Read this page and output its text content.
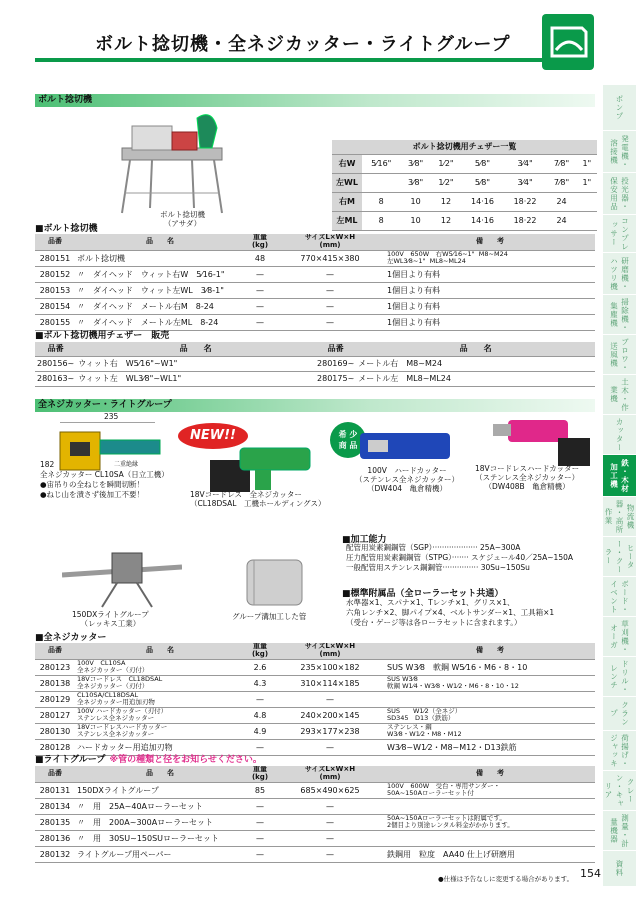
ボルト捻切機・全ネジカッター・ライトグループ
ボルト捻切機
ボルト捻切機
（アサダ）
ボルト捻切機用チェザー一覧							
右W	5⁄16"	3⁄8"	1⁄2"	5⁄8"	3⁄4"	7⁄8"	1"
左WL		3⁄8"	1⁄2"	5⁄8"	3⁄4"	7⁄8"	1"
右M	8	10	12	14·16	18·22	24	
左ML	8	10	12	14·16	18·22	24	
■ボルト捻切機
品番	品　　名	重量
(kg)	サイズL×W×H
(mm)	備　　考
280151	ボルト捻切機	48	770×415×380	100V　650W　右W5⁄16~1"  M8~M24
左WL3⁄8~1"  ML8~ML24
280152	〃　ダイヘッド　ウィット右W　5⁄16-1"	—	—	1個目より有料
280153	〃　ダイヘッド　ウィット左WL　3⁄8-1"	—	—	1個目より有料
280154	〃　ダイヘッド　メートル右M　8-24	—	—	1個目より有料
280155	〃　ダイヘッド　メートル左ML　8-24	—	—	1個目より有料
■ボルト捻切機用チェザー　販売
品番	品　　名	品番	品　　名
280156~	ウィット右　W5⁄16"~W1"	280169~	メートル右　M8~M24
280163~	ウィット左　WL3⁄8"~WL1"	280175~	メートル左　ML8~ML24
全ネジカッター・ライトグループ
235
182	二重絶縁
全ネジカッター CL10SA（日立工機）
●宙吊りの全ねじを瞬間切断！
●ねじ山を潰さず後加工不要！
NEW!!
18Vコードレス　全ネジカッター
（CL18DSAL　工機ホールディングス）
希 少
商 品
100V　ハードカッター
（ステンレス全ネジカッター）
（DW404　亀倉精機）
18Vコードレスハードカッター
（ステンレス全ネジカッター）
（DW408B　亀倉精機）
150DXライトグループ
（レッキス工業）
グループ溝加工した管
■加工能力
配管用炭素鋼鋼管（SGP）··················· 25A~300A
圧力配管用炭素鋼鋼管（STPG）······· スケジュール40／25A~150A
一般配管用ステンレス鋼鋼管··············· 30Su~150Su
■標準附属品（全ローラーセット共通）
水準器×1、スパナ×1、Tレンチ×1、グリス×1、
六角レンチ×2、脚パイプ×4、ベルトサンダー×1、工具箱×1
（受台・ゲージ等は各ローラセットに含まれます。）
■全ネジカッター
品番	品　　名	重量
(kg)	サイズL×W×H
(mm)	備　　考
280123	100V　CL10SA
全ネジカッター（刃付）	2.6	235×100×182	SUS W3⁄8　軟鋼 W5⁄16・M6・8・10
280138	18Vコードレス　CL18DSAL
全ネジカッター（刃付）	4.3	310×114×185	SUS W3⁄8
軟鋼 W1⁄4・W3⁄8・W1⁄2・M6・8・10・12
280129	CL10SA/CL18DSAL
全ネジカッター用追加刃物	—	—	
280127	100V ハードカッター（刃付）
ステンレス全ネジカッター	4.8	240×200×145	SUS　　W1⁄2（全ネジ）
SD345　D13（鉄筋）
280130	18Vコードレスハードカッター
ステンレス全ネジカッター	4.9	293×177×238	ステンレス・鋼
W3⁄8・W1⁄2・M8・M12
280128	ハードカッター用追加刃物	—	—	W3⁄8~W1⁄2・M8~M12・D13鉄筋
■ライトグループ ※管の種類と径をお知らせください。
品番	品　　名	重量
(kg)	サイズL×W×H
(mm)	備　　考
280131	150DXライトグループ	85	685×490×625	100V　600W　受台・専用サンダー・
50A~150Aローラーセット付
280134	〃　用　25A~40Aローラーセット	—	—	
280135	〃　用　200A~300Aローラーセット	—	—	50A~150Aローラーセットは附属です。
2個目より別途レンタル料金がかかります。
280136	〃　用　30SU~150SUローラーセット	—	—	
280132	ライトグループ用ペーパー	—	—	鉄鋼用　粒度　AA40 仕上げ研磨用
●仕様は予告なしに変更する場合があります。 154
ポンプ
発電機・溶接機
投光器・保安用品
コンプレッサー
研磨機・ハツリ機
掃除機・集塵機
ブロワ・送風機
土木・作業機
カッター
鉄・木材加工機
物流機器・高所作業
ヒーター・クーラー
ボード・イベント
草刈機・オーガ
ドリル・レンチ
クランプ
荷揚げ・ジャッキ
クレーン・キャリア
測量・計量機器
資料
